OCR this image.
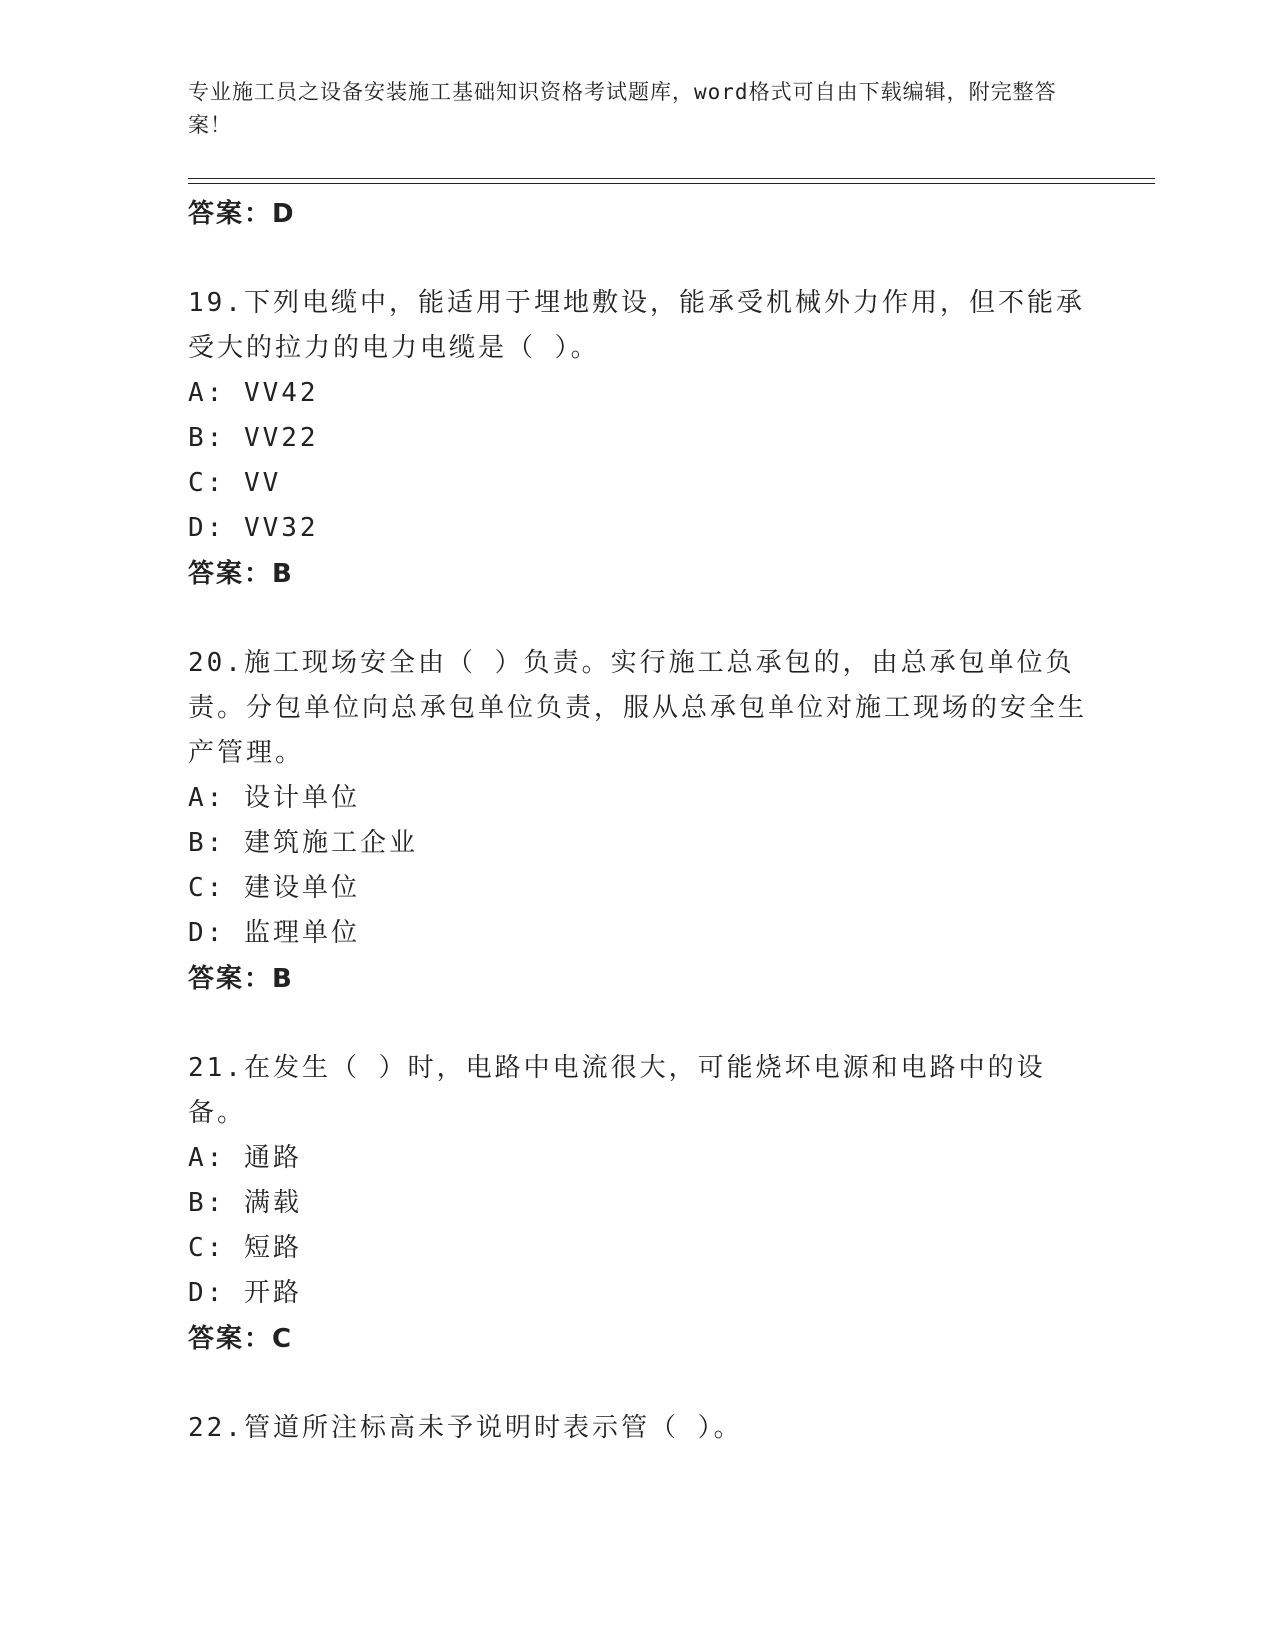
专业施工员之设备安装施工基础知识资格考试题库，word格式可自由下载编辑，附完整答案！
答案：D
19.下列电缆中，能适用于埋地敷设，能承受机械外力作用，但不能承受大的拉力的电力电缆是（ ）。
A: VV42
B: VV22
C: VV
D: VV32
答案：B
20.施工现场安全由（ ）负责。实行施工总承包的，由总承包单位负责。分包单位向总承包单位负责，服从总承包单位对施工现场的安全生产管理。
A: 设计单位
B: 建筑施工企业
C: 建设单位
D: 监理单位
答案：B
21.在发生（ ）时，电路中电流很大，可能烧坏电源和电路中的设备。
A: 通路
B: 满载
C: 短路
D: 开路
答案：C
22.管道所注标高未予说明时表示管（ ）。
